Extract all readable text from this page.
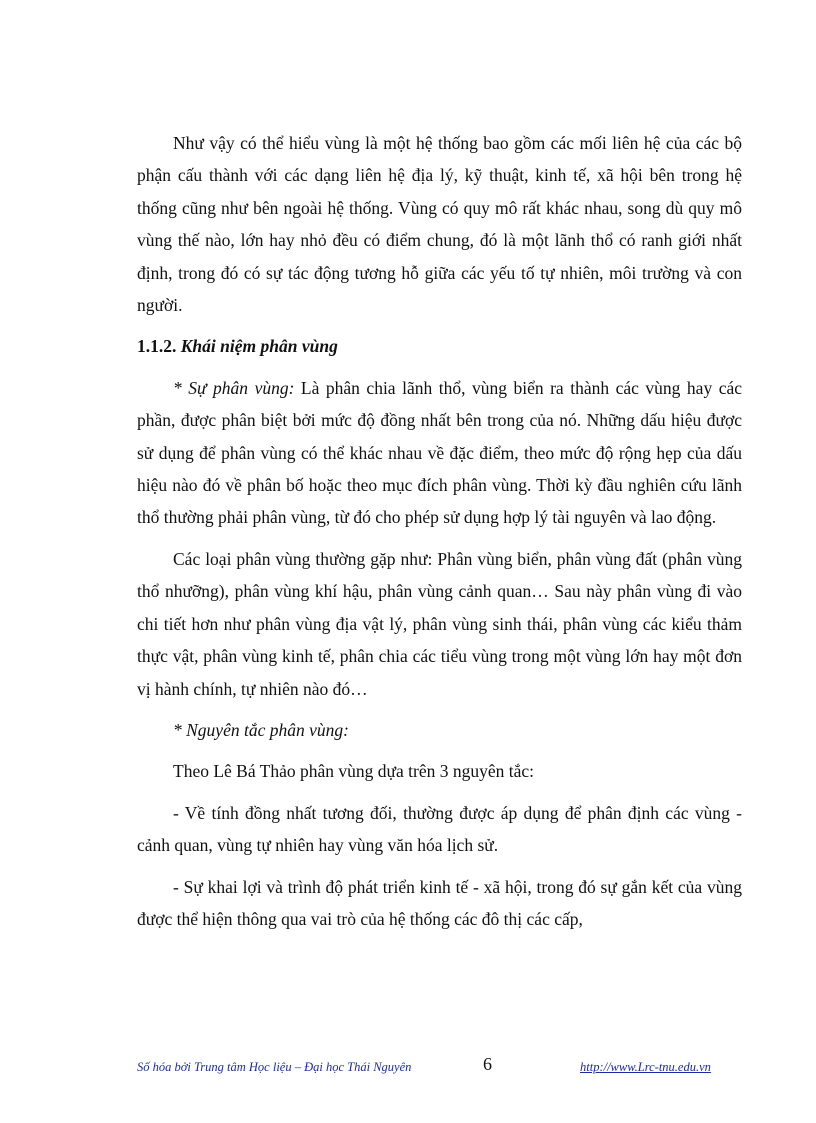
Như vậy có thể hiểu vùng là một hệ thống bao gồm các mối liên hệ của các bộ phận cấu thành với các dạng liên hệ địa lý, kỹ thuật, kinh tế, xã hội bên trong hệ thống cũng như bên ngoài hệ thống. Vùng có quy mô rất khác nhau, song dù quy mô vùng thế nào, lớn hay nhỏ đều có điểm chung, đó là một lãnh thổ có ranh giới nhất định, trong đó có sự tác động tương hỗ giữa các yếu tố tự nhiên, môi trường và con người.

1.1.2. Khái niệm phân vùng

* Sự phân vùng: Là phân chia lãnh thổ, vùng biển ra thành các vùng hay các phần, được phân biệt bởi mức độ đồng nhất bên trong của nó. Những dấu hiệu được sử dụng để phân vùng có thể khác nhau về đặc điểm, theo mức độ rộng hẹp của dấu hiệu nào đó về phân bố hoặc theo mục đích phân vùng. Thời kỳ đầu nghiên cứu lãnh thổ thường phải phân vùng, từ đó cho phép sử dụng hợp lý tài nguyên và lao động.

Các loại phân vùng thường gặp như: Phân vùng biển, phân vùng đất (phân vùng thổ nhưỡng), phân vùng khí hậu, phân vùng cảnh quan… Sau này phân vùng đi vào chi tiết hơn như phân vùng địa vật lý, phân vùng sinh thái, phân vùng các kiểu thảm thực vật, phân vùng kinh tế, phân chia các tiểu vùng trong một vùng lớn hay một đơn vị hành chính, tự nhiên nào đó…

* Nguyên tắc phân vùng:

Theo Lê Bá Thảo phân vùng dựa trên 3 nguyên tắc:

- Về tính đồng nhất tương đối, thường được áp dụng để phân định các vùng - cảnh quan, vùng tự nhiên hay vùng văn hóa lịch sử.

- Sự khai lợi và trình độ phát triển kinh tế - xã hội, trong đó sự gắn kết của vùng được thể hiện thông qua vai trò của hệ thống các đô thị các cấp,

Số hóa bởi Trung tâm Học liệu – Đại học Thái Nguyên	6	http://www.Lrc-tnu.edu.vn
